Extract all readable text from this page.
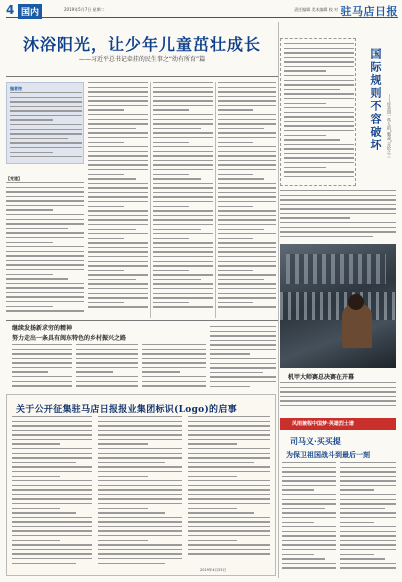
4 国内	2019年5月7日 星期二	责任编辑 美术编辑 校 对 驻马店日报
沐浴阳光，让少年儿童茁壮成长
——习近平总书记牵挂的民生事之“幼有所育”篇
编者按
【党建】
国际规则不容破坏	——评美国一些人的“霸凌”言论之三
机甲大师赛总决赛在开幕
继续发扬新求穷的精神
努力走出一条具有闽东特色的乡村振兴之路
关于公开征集驻马店日报报业集团标识(Logo)的启事
2019年4月25日
风雨兼程中国梦·英雄烈士谱
司马义·买买提
为保卫祖国战斗到最后一刻
